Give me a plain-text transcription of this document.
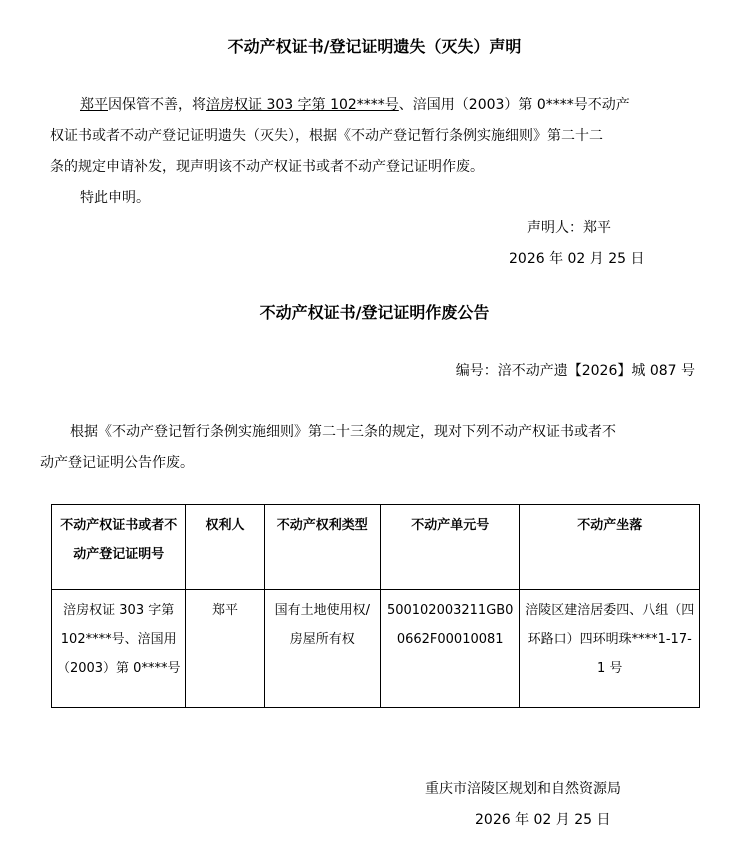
不动产权证书/登记证明遗失（灭失）声明
郑平因保管不善，将涪房权证 303 字第 102****号、涪国用（2003）第 0****号不动产
权证书或者不动产登记证明遗失（灭失），根据《不动产登记暂行条例实施细则》第二十二
条的规定申请补发，现声明该不动产权证书或者不动产登记证明作废。
特此申明。
声明人：郑平
2026 年 02 月 25 日
不动产权证书/登记证明作废公告
编号：涪不动产遗【2026】城 087 号
根据《不动产登记暂行条例实施细则》第二十三条的规定，现对下列不动产权证书或者不
动产登记证明公告作废。
不动产权证书或者不动产登记证明号	权利人	不动产权利类型	不动产单元号	不动产坐落
涪房权证 303 字第 102****号、涪国用（2003）第 0****号	郑平	国有土地使用权/房屋所有权	500102003211GB00662F00010081	涪陵区建涪居委四、八组（四环路口）四环明珠****1-17-1 号
重庆市涪陵区规划和自然资源局
2026 年 02 月 25 日
